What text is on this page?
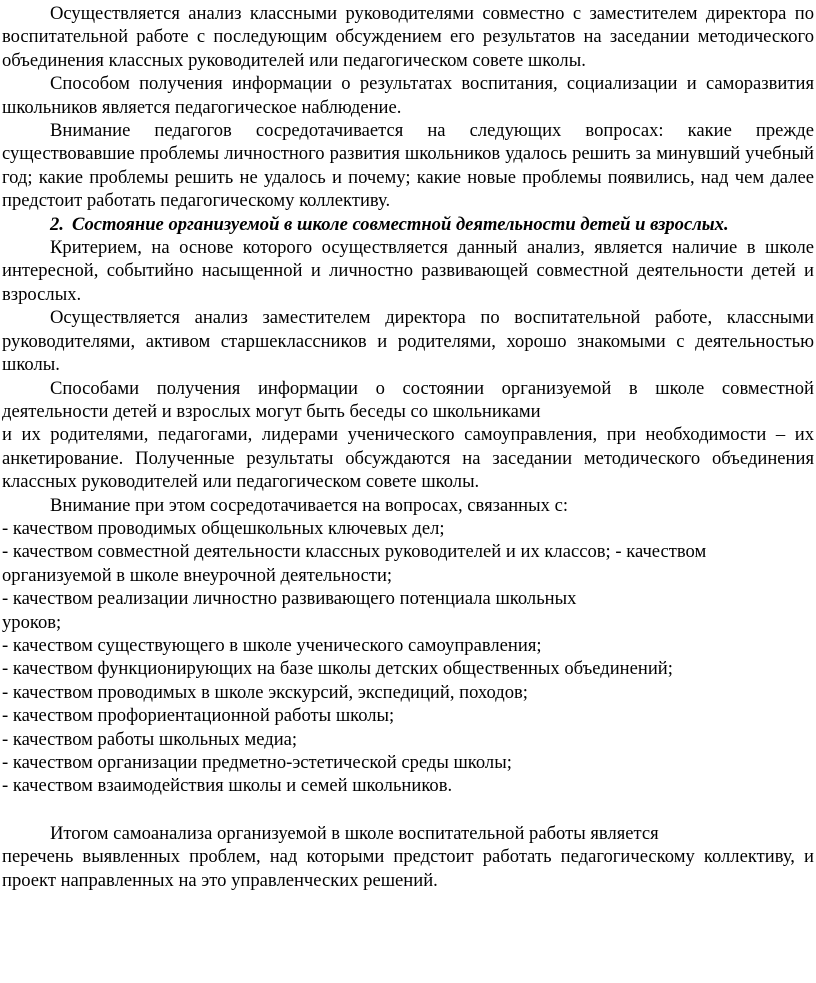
Осуществляется анализ классными руководителями совместно с заместителем директора по воспитательной работе с последующим обсуждением его результатов на заседании методического объединения классных руководителей или педагогическом совете школы.

Способом получения информации о результатах воспитания, социализации и саморазвития школьников является педагогическое наблюдение.

Внимание педагогов сосредотачивается на следующих вопросах: какие прежде существовавшие проблемы личностного развития школьников удалось решить за минувший учебный год; какие проблемы решить не удалось и почему; какие новые проблемы появились, над чем далее предстоит работать педагогическому коллективу.

2. Состояние организуемой в школе совместной деятельности детей и взрослых.

Критерием, на основе которого осуществляется данный анализ, является наличие в школе интересной, событийно насыщенной и личностно развивающей совместной деятельности детей и взрослых.

Осуществляется анализ заместителем директора по воспитательной работе, классными руководителями, активом старшеклассников и родителями, хорошо знакомыми с деятельностью школы.

Способами получения информации о состоянии организуемой в школе совместной деятельности детей и взрослых могут быть беседы со школьниками

и их родителями, педагогами, лидерами ученического самоуправления, при необходимости – их анкетирование. Полученные результаты обсуждаются на заседании методического объединения классных руководителей или педагогическом совете школы.

Внимание при этом сосредотачивается на вопросах, связанных с:

- качеством проводимых общешкольных ключевых дел;
- качеством совместной деятельности классных руководителей и их классов; - качеством организуемой в школе внеурочной деятельности;
- качеством реализации личностно развивающего потенциала школьных
уроков;
- качеством существующего в школе ученического самоуправления;
- качеством функционирующих на базе школы детских общественных объединений;
- качеством проводимых в школе экскурсий, экспедиций, походов;
- качеством профориентационной работы школы;
- качеством работы школьных медиа;
- качеством организации предметно-эстетической среды школы;
- качеством взаимодействия школы и семей школьников.

Итогом самоанализа организуемой в школе воспитательной работы является

перечень выявленных проблем, над которыми предстоит работать педагогическому коллективу, и проект направленных на это управленческих решений.
